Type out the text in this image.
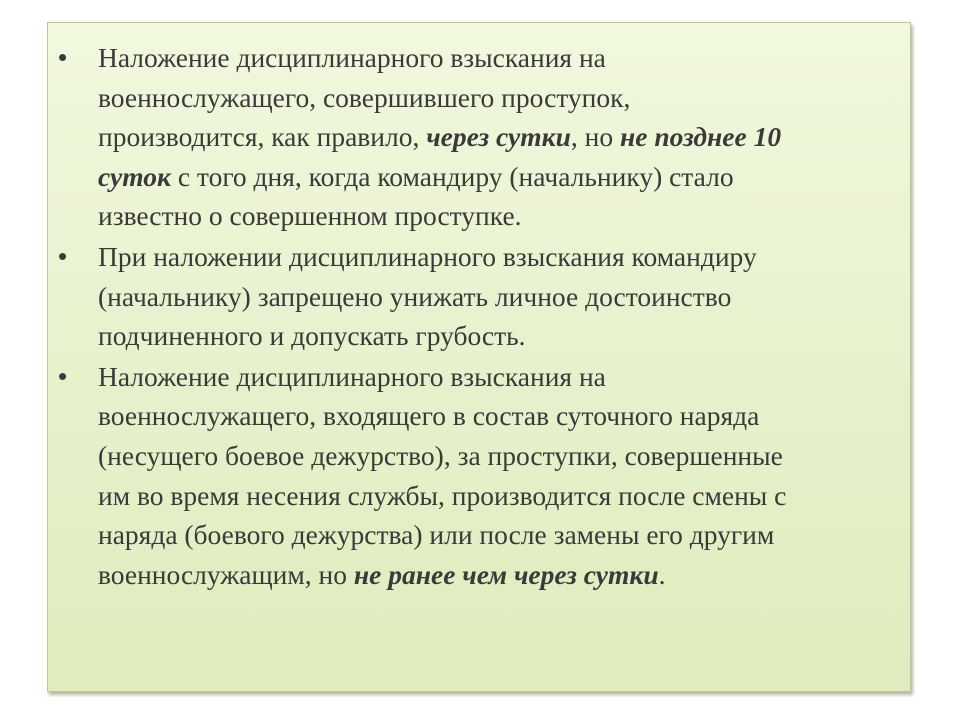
• Наложение дисциплинарного взыскания на
военнослужащего, совершившего проступок,
производится, как правило, через сутки, но не позднее 10
суток с того дня, когда командиру (начальнику) стало
известно о совершенном проступке.
• При наложении дисциплинарного взыскания командиру
(начальнику) запрещено унижать личное достоинство
подчиненного и допускать грубость.
• Наложение дисциплинарного взыскания на
военнослужащего, входящего в состав суточного наряда
(несущего боевое дежурство), за проступки, совершенные
им во время несения службы, производится после смены с
наряда (боевого дежурства) или после замены его другим
военнослужащим, но не ранее чем через сутки.
